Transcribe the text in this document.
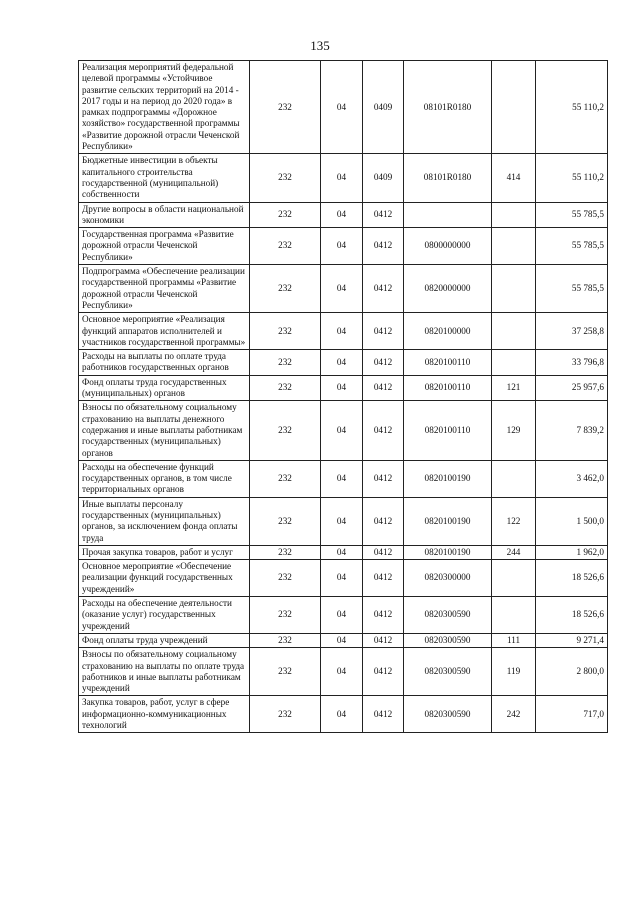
135
Реализация мероприятий федеральной целевой программы «Устойчивое развитие сельских территорий на 2014 - 2017 годы и на период до 2020 года» в рамках подпрограммы «Дорожное хозяйство» государственной программы «Развитие дорожной отрасли Чеченской Республики»	232	04	0409	08101R0180		55 110,2
Бюджетные инвестиции в объекты капитального строительства государственной (муниципальной) собственности	232	04	0409	08101R0180	414	55 110,2
Другие вопросы в области национальной экономики	232	04	0412			55 785,5
Государственная программа «Развитие дорожной отрасли Чеченской Республики»	232	04	0412	0800000000		55 785,5
Подпрограмма «Обеспечение реализации государственной программы «Развитие дорожной отрасли Чеченской Республики»	232	04	0412	0820000000		55 785,5
Основное мероприятие «Реализация функций аппаратов исполнителей и участников государственной программы»	232	04	0412	0820100000		37 258,8
Расходы на выплаты по оплате труда работников государственных органов	232	04	0412	0820100110		33 796,8
Фонд оплаты труда государственных (муниципальных) органов	232	04	0412	0820100110	121	25 957,6
Взносы по обязательному социальному страхованию на выплаты денежного содержания и иные выплаты работникам государственных (муниципальных) органов	232	04	0412	0820100110	129	7 839,2
Расходы на обеспечение функций государственных органов, в том числе территориальных органов	232	04	0412	0820100190		3 462,0
Иные выплаты персоналу государственных (муниципальных) органов, за исключением фонда оплаты труда	232	04	0412	0820100190	122	1 500,0
Прочая закупка товаров, работ и услуг	232	04	0412	0820100190	244	1 962,0
Основное мероприятие «Обеспечение реализации функций государственных учреждений»	232	04	0412	0820300000		18 526,6
Расходы на обеспечение деятельности (оказание услуг) государственных учреждений	232	04	0412	0820300590		18 526,6
Фонд оплаты труда учреждений	232	04	0412	0820300590	111	9 271,4
Взносы по обязательному социальному страхованию на выплаты по оплате труда работников и иные выплаты работникам учреждений	232	04	0412	0820300590	119	2 800,0
Закупка товаров, работ, услуг в сфере информационно-коммуникационных технологий	232	04	0412	0820300590	242	717,0
